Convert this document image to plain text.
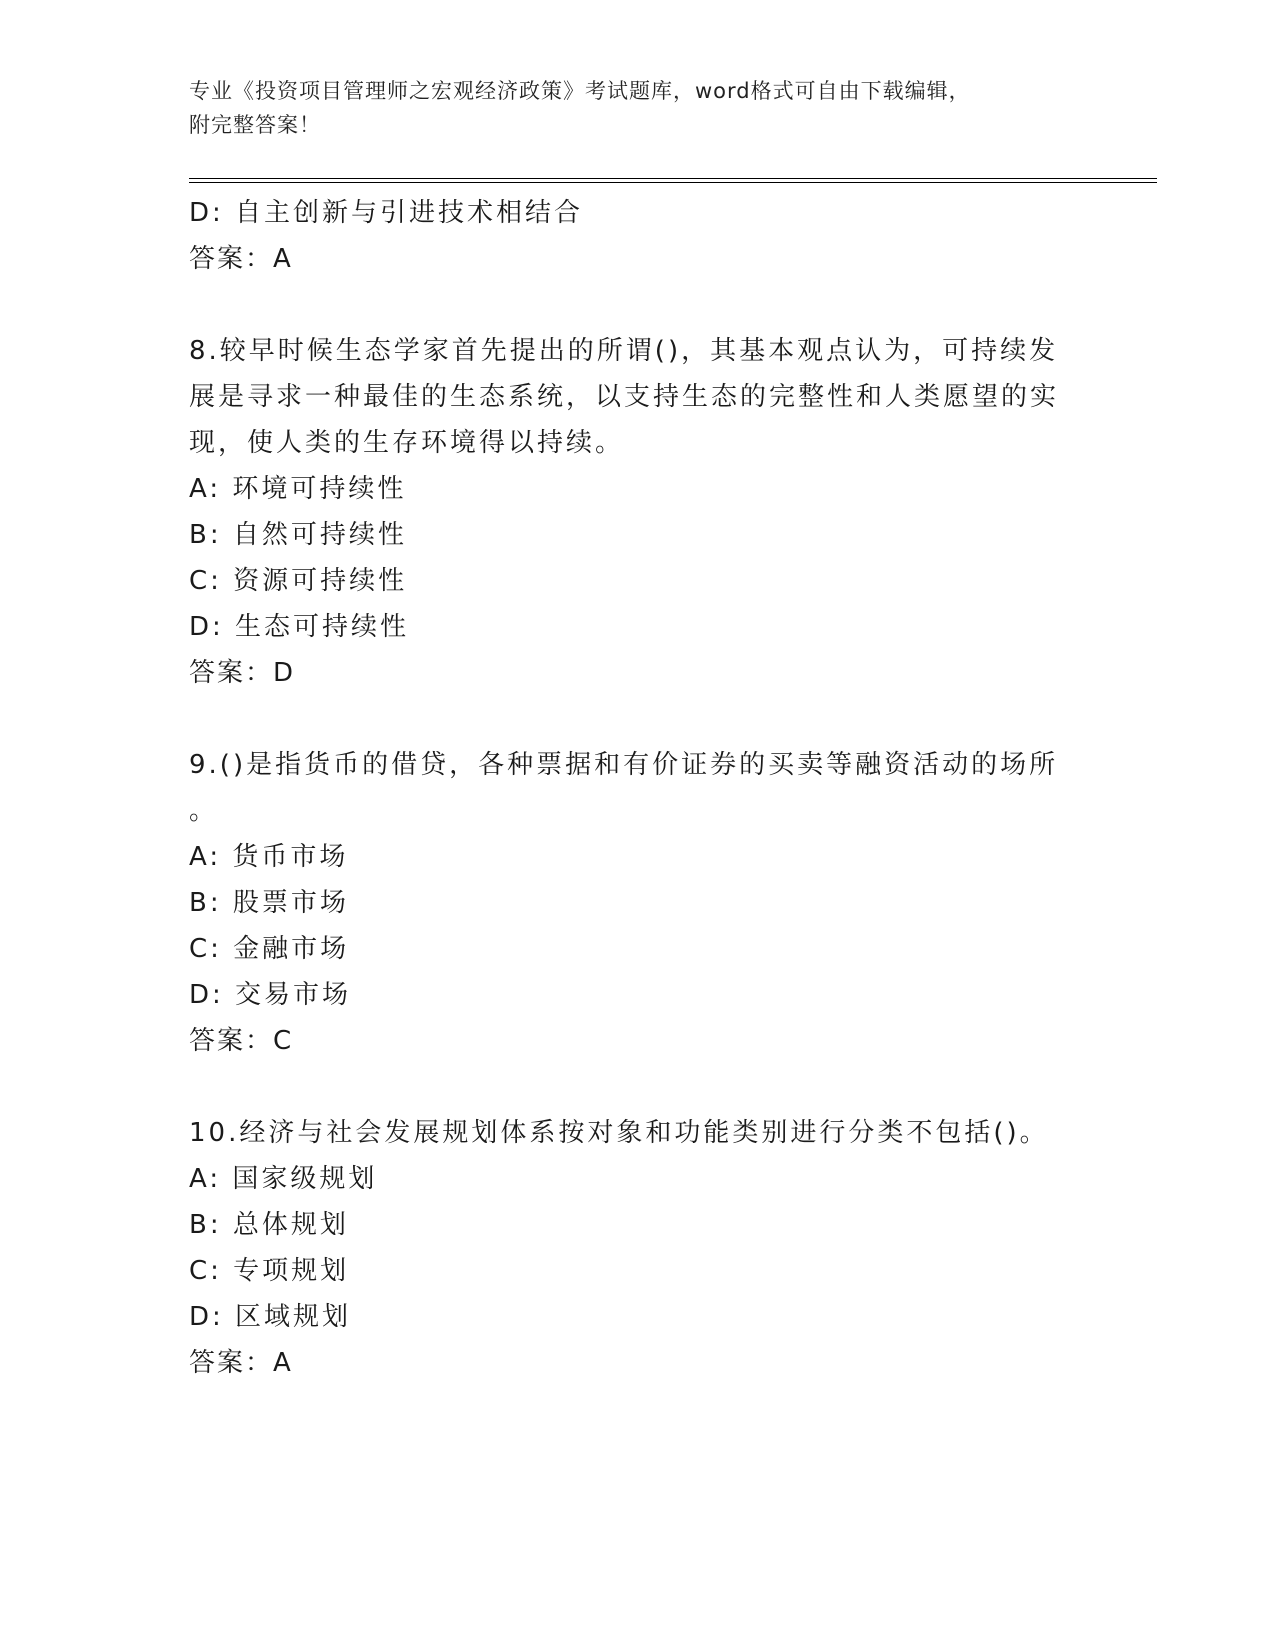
专业《投资项目管理师之宏观经济政策》考试题库，word格式可自由下载编辑，
附完整答案！
D: 自主创新与引进技术相结合
答案：A
8.较早时候生态学家首先提出的所谓()，其基本观点认为，可持续发
展是寻求一种最佳的生态系统，以支持生态的完整性和人类愿望的实
现，使人类的生存环境得以持续。
A: 环境可持续性
B: 自然可持续性
C: 资源可持续性
D: 生态可持续性
答案：D
9.()是指货币的借贷，各种票据和有价证券的买卖等融资活动的场所
。
A: 货币市场
B: 股票市场
C: 金融市场
D: 交易市场
答案：C
10.经济与社会发展规划体系按对象和功能类别进行分类不包括()。
A: 国家级规划
B: 总体规划
C: 专项规划
D: 区域规划
答案：A
